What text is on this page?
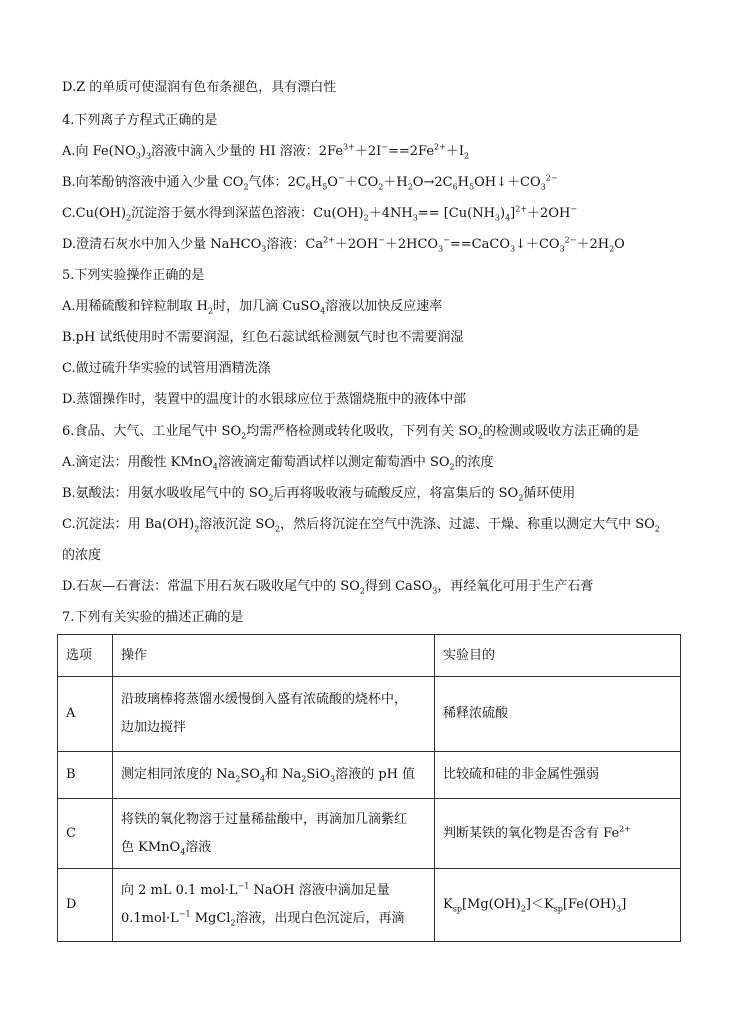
D.Z 的单质可使湿润有色布条褪色，具有漂白性
4.下列离子方程式正确的是
A.向 $Fe(NO_3)_3$溶液中滴入少量的 HI 溶液：$2Fe^{3+}+2I^-==2Fe^{2+}+I_2$
B.向苯酚钠溶液中通入少量 $CO_2$气体：$2C_6H_5O^-+CO_2+H_2O\to 2C_6H_5OH↓+CO_3^{2-}$
$C.Cu(OH)_2$沉淀溶于氨水得到深蓝色溶液：$Cu(OH)_2+4NH_3== [Cu(NH_3)_4]^{2+}+2OH^-$
D.澄清石灰水中加入少量 NaHCO$_3$溶液：$Ca^{2+}+2OH^-+2HCO_3^-==CaCO_3↓+CO_3^{2-}+2H_2O$
5.下列实验操作正确的是
A.用稀硫酸和锌粒制取 $H_2$时，加几滴 CuSO$_4$溶液以加快反应速率
B.pH 试纸使用时不需要润湿，红色石蕊试纸检测氨气时也不需要润湿
C.做过硫升华实验的试管用酒精洗涤
D.蒸馏操作时，装置中的温度计的水银球应位于蒸馏烧瓶中的液体中部
6.食品、大气、工业尾气中 $SO_2$均需严格检测或转化吸收，下列有关 $SO_2$的检测或吸收方法正确的是
A.滴定法：用酸性 KMnO$_4$溶液滴定葡萄酒试样以测定葡萄酒中 $SO_2$的浓度
B.氨酸法：用氨水吸收尾气中的 $SO_2$后再将吸收液与硫酸反应，将富集后的 $SO_2$循环使用
C.沉淀法：用 $Ba(OH)_2$溶液沉淀 $SO_2$，然后将沉淀在空气中洗涤、过滤、干燥、称重以测定大气中 $SO_2$
的浓度
D.石灰—石膏法：常温下用石灰石吸收尾气中的 $SO_2$得到 CaSO$_3$，再经氧化可用于生产石膏
7.下列有关实验的描述正确的是
选项	操作	实验目的
A	沿玻璃棒将蒸馏水缓慢倒入盛有浓硫酸的烧杯中，
边加边搅拌	稀释浓硫酸
B	测定相同浓度的 $Na_2SO_4$和 $Na_2SiO_3$溶液的 pH 值	比较硫和硅的非金属性强弱
C	将铁的氧化物溶于过量稀盐酸中，再滴加几滴紫红
色 KMnO$_4$溶液	判断某铁的氧化物是否含有 $Fe^{2+}$
D	向 2 mL 0.1 $mol\cdot L^{-1}$ NaOH 溶液中滴加足量
$0.1mol\cdot L^{-1}$ MgCl$_2$溶液，出现白色沉淀后，再滴	$K_{sp}[Mg(OH)_2]<K_{sp}[Fe(OH)_3]$
